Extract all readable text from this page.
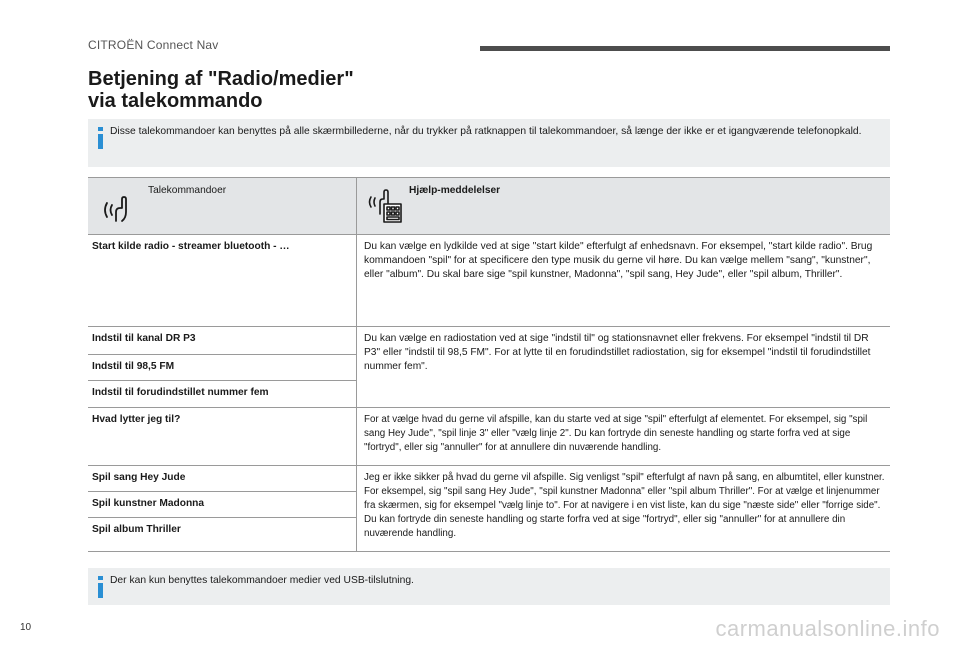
CITROËN Connect Nav
Betjening af "Radio/medier"
via talekommando
Disse talekommandoer kan benyttes på alle skærmbillederne, når du trykker på ratknappen til talekommandoer, så længe der ikke er et igangværende telefonopkald.
Talekommandoer	Hjælp-meddelelser

Start kilde radio - streamer bluetooth - …	Du kan vælge en lydkilde ved at sige "start kilde" efterfulgt af enhedsnavn. For eksempel, "start kilde radio". Brug kommandoen "spil" for at specificere den type musik du gerne vil høre. Du kan vælge mellem "sang", "kunstner", eller "album". Du skal bare sige "spil kunstner, Madonna", "spil sang, Hey Jude", eller "spil album, Thriller".

Indstil til kanal DR P3	Du kan vælge en radiostation ved at sige "indstil til" og stationsnavnet eller frekvens. For eksempel "indstil til DR P3" eller "indstil til 98,5 FM". For at lytte til en forudindstillet radiostation, sig for eksempel "indstil til forudindstillet nummer fem".

Indstil til 98,5 FM	

Indstil til forudindstillet nummer fem	

Hvad lytter jeg til?	For at vælge hvad du gerne vil afspille, kan du starte ved at sige "spil" efterfulgt af elementet. For eksempel, sig "spil sang Hey Jude", "spil linje 3" eller "vælg linje 2". Du kan fortryde din seneste handling og starte forfra ved at sige "fortryd", eller sig "annuller" for at annullere din nuværende handling.

Spil sang Hey Jude	Jeg er ikke sikker på hvad du gerne vil afspille. Sig venligst "spil" efterfulgt af navn på sang, en albumtitel, eller kunstner. For eksempel, sig "spil sang Hey Jude", "spil kunstner Madonna" eller "spil album Thriller". For at vælge et linjenummer fra skærmen, sig for eksempel "vælg linje to". For at navigere i en vist liste, kan du sige "næste side" eller "forrige side". Du kan fortryde din seneste handling og starte forfra ved at sige "fortryd", eller sig "annuller" for at annullere din nuværende handling.

Spil kunstner Madonna	

Spil album Thriller	
Der kan kun benyttes talekommandoer medier ved USB-tilslutning.
10	carmanualsonline.info
